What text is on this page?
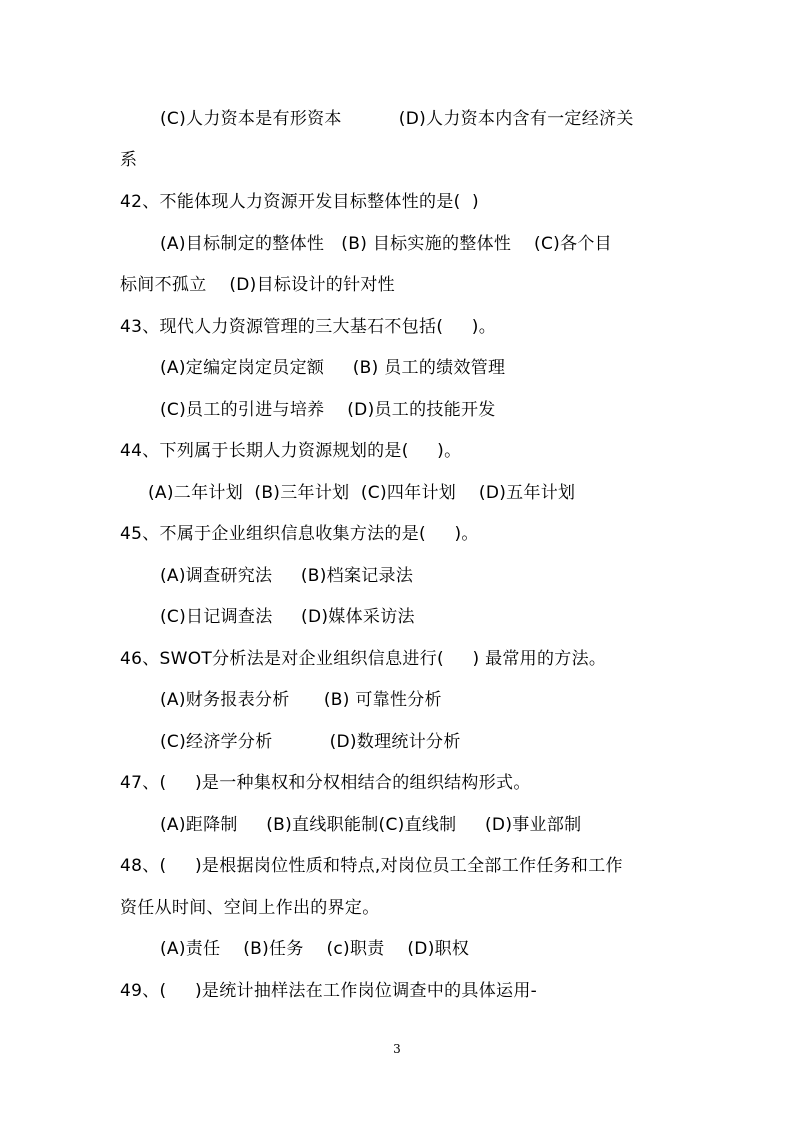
(C)人力资本是有形资本          (D)人力资本内含有一定经济关
系
42、不能体现人力资源开发目标整体性的是(  )
(A)目标制定的整体性   (B) 目标实施的整体性    (C)各个目
标间不孤立    (D)目标设计的针对性
43、现代人力资源管理的三大基石不包括(     )。
(A)定编定岗定员定额     (B) 员工的绩效管理
(C)员工的引进与培养    (D)员工的技能开发
44、下列属于长期人力资源规划的是(     )。
(A)二年计划  (B)三年计划  (C)四年计划    (D)五年计划
45、不属于企业组织信息收集方法的是(     )。
(A)调查研究法     (B)档案记录法
(C)日记调查法     (D)媒体采访法
46、SWOT分析法是对企业组织信息进行(     ) 最常用的方法。
(A)财务报表分析      (B) 可靠性分析
(C)经济学分析          (D)数理统计分析
47、(     )是一种集权和分权相结合的组织结构形式。
(A)距降制     (B)直线职能制(C)直线制     (D)事业部制
48、(     )是根据岗位性质和特点,对岗位员工全部工作任务和工作
资任从时间、空间上作出的界定。
(A)责任    (B)任务    (c)职责    (D)职权
49、(     )是统计抽样法在工作岗位调查中的具体运用-
3
